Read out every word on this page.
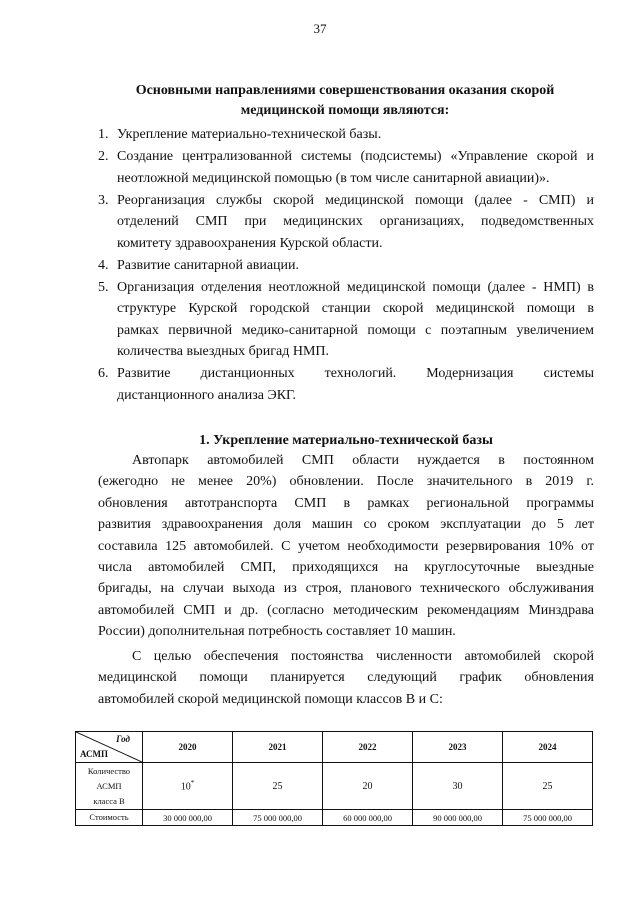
37
Основными направлениями совершенствования оказания скорой медицинской помощи являются:
1. Укрепление материально-технической базы.
2. Создание централизованной системы (подсистемы) «Управление скорой и
неотложной медицинской помощью (в том числе санитарной авиации)».
3. Реорганизация службы скорой медицинской помощи (далее - СМП) и
отделений СМП при медицинских организациях, подведомственных
комитету здравоохранения Курской области.
4. Развитие санитарной авиации.
5. Организация отделения неотложной медицинской помощи (далее - НМП) в
структуре Курской городской станции скорой медицинской помощи в
рамках первичной медико-санитарной помощи с поэтапным увеличением
количества выездных бригад НМП.
6. Развитие дистанционных технологий. Модернизация системы
дистанционного анализа ЭКГ.
1. Укрепление материально-технической базы
Автопарк автомобилей СМП области нуждается в постоянном
(ежегодно не менее 20%) обновлении. После значительного в 2019 г.
обновления автотранспорта СМП в рамках региональной программы
развития здравоохранения доля машин со сроком эксплуатации до 5 лет
составила 125 автомобилей. С учетом необходимости резервирования 10% от
числа автомобилей СМП, приходящихся на круглосуточные выездные
бригады, на случаи выхода из строя, планового технического обслуживания
автомобилей СМП и др. (согласно методическим рекомендациям Минздрава
России) дополнительная потребность составляет 10 машин.
С целью обеспечения постоянства численности автомобилей скорой
медицинской помощи планируется следующий график обновления
автомобилей скорой медицинской помощи классов В и С:
Год
АСМП	2020	2021	2022	2023	2024
Количество
АСМП
класса В	10*	25	20	30	25
Стоимость	30 000 000,00	75 000 000,00	60 000 000,00	90 000 000,00	75 000 000,00
